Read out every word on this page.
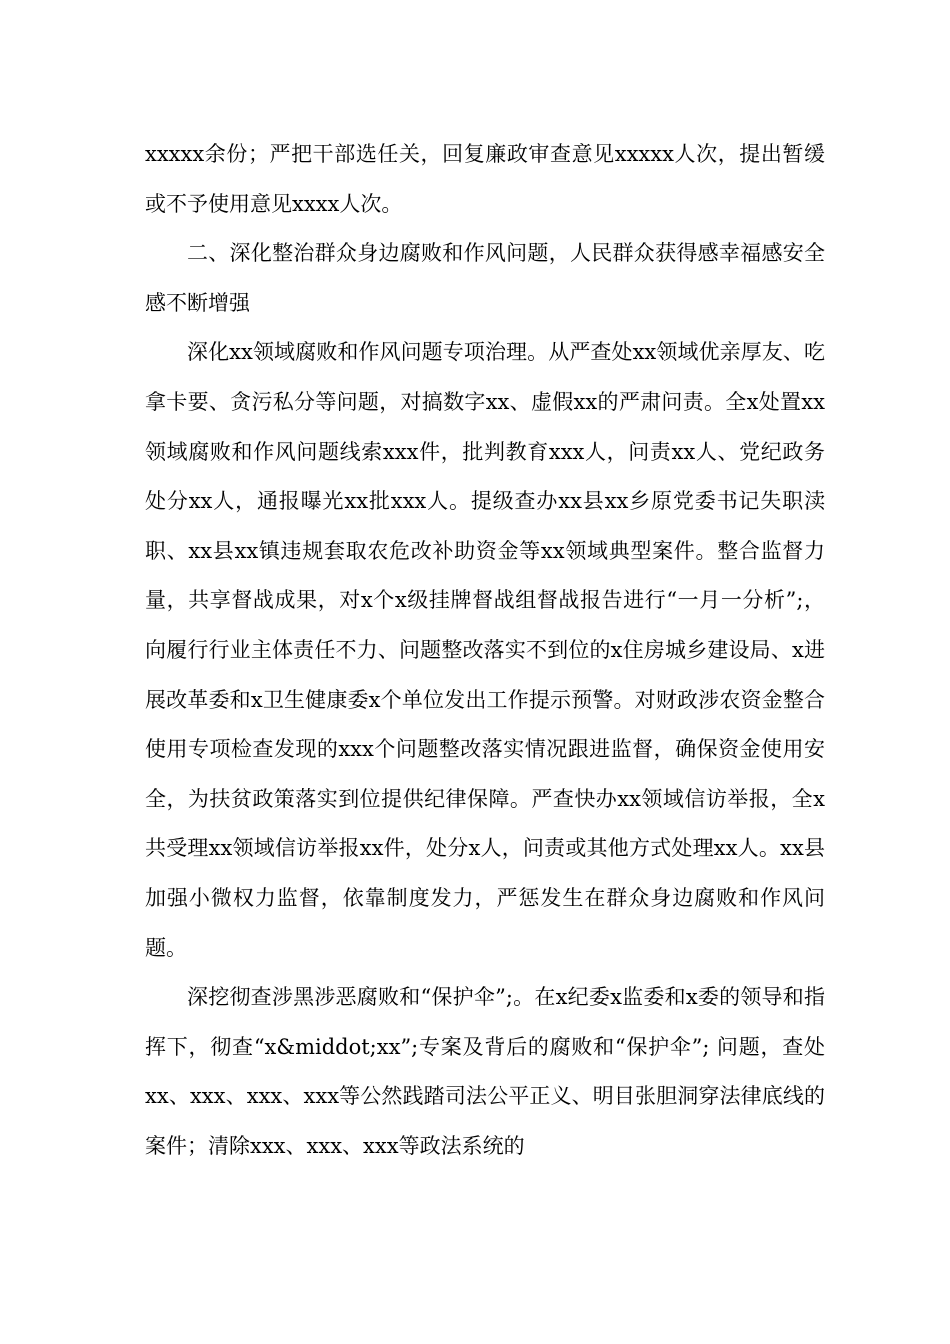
xxxxx余份；严把干部选任关，回复廉政审查意见xxxxx人次，提出暂缓或不予使用意见xxxx人次。

二、深化整治群众身边腐败和作风问题，人民群众获得感幸福感安全感不断增强

深化xx领域腐败和作风问题专项治理。从严查处xx领域优亲厚友、吃拿卡要、贪污私分等问题，对搞数字xx、虚假xx的严肃问责。全x处置xx领域腐败和作风问题线索xxx件，批判教育xxx人，问责xx人、党纪政务处分xx人，通报曝光xx批xxx人。提级查办xx县xx乡原党委书记失职渎职、xx县xx镇违规套取农危改补助资金等xx领域典型案件。整合监督力量，共享督战成果，对x个x级挂牌督战组督战报告进行“一月一分析”;，向履行行业主体责任不力、问题整改落实不到位的x住房城乡建设局、x进展改革委和x卫生健康委x个单位发出工作提示预警。对财政涉农资金整合使用专项检查发现的xxx个问题整改落实情况跟进监督，确保资金使用安全，为扶贫政策落实到位提供纪律保障。严查快办xx领域信访举报，全x 共受理xx领域信访举报xx件，处分x人，问责或其他方式处理xx人。xx县加强小微权力监督，依靠制度发力，严惩发生在群众身边腐败和作风问题。

深挖彻查涉黑涉恶腐败和“保护伞”;。在x纪委x监委和x委的领导和指挥下，彻查“x&middot;xx”;专案及背后的腐败和“保护伞”; 问题，查处xx、xxx、xxx、xxx等公然践踏司法公平正义、明目张胆洞穿法律底线的案件；清除xxx、xxx、xxx等政法系统的
